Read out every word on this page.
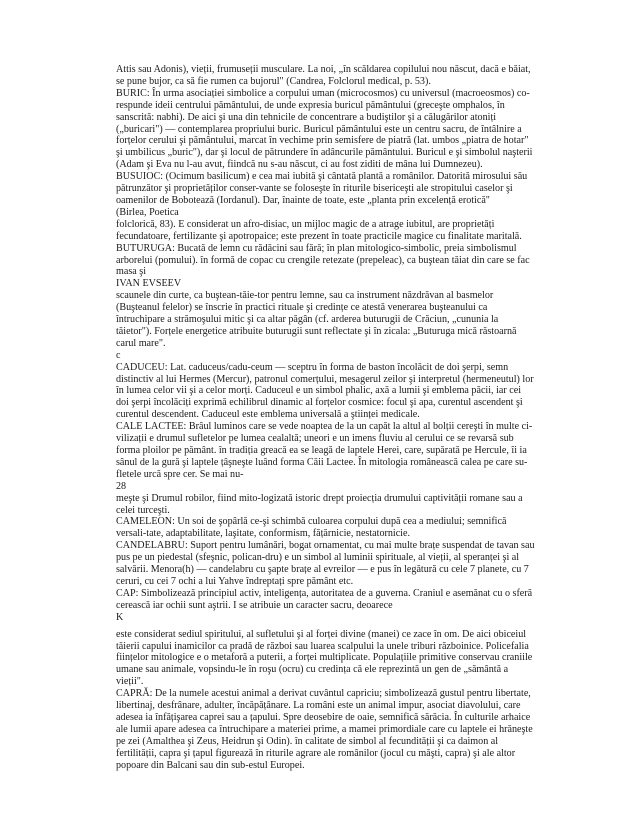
Attis sau Adonis), vieții, frumuseții musculare. La noi, „în scăldarea copilului nou născut, dacă e băiat,
se pune bujor, ca să fie rumen ca bujorul" (Candrea, Folclorul medical, p. 53).
BURIC: În urma asociației simbolice a corpului uman (microcosmos) cu universul (macroeosmos) co-
respunde ideii centrului pământului, de unde expresia buricul pământului (greceşte omphalos, în
sanscrită: nabhi). De aici şi una din tehnicile de concentrare a budiştilor şi a călugărilor atoniți
(„buricari") — contemplarea propriului buric. Buricul pământului este un centru sacru, de întâlnire a
forțelor cerului şi pământului, marcat în vechime prin semisfere de piatră (lat. umbos „piatra de hotar"
şi umbilicus „buric"), dar şi locul de pătrundere în adâncurile pământului. Buricul e şi simbolul naşterii
(Adam şi Eva nu l-au avut, fiindcă nu s-au născut, ci au fost ziditi de mâna lui Dumnezeu).
BUSUIOC: (Ocimum basilicum) e cea mai iubită şi cântată plantă a românilor. Datorită mirosului său
pătrunzător şi proprietăților conser-vante se foloseşte în riturile bisericeşti ale stropitului caselor şi
oamenilor de Bobotează (Iordanul). Dar, înainte de toate, este „planta prin excelență erotică"
(Birlea, Poetica
folclorică, 83). E considerat un afro-disiac, un mijloc magic de a atrage iubitul, are proprietăți
fecundatoare, fertilizante şi apotropaice; este prezent în toate practicile magice cu finalitate maritală.
BUTURUGA: Bucată de lemn cu rădăcini sau fără; în plan mitologico-simbolic, preia simbolismul
arborelui (pomului). în formă de copac cu crengile retezate (prepeleac), ca buştean tăiat din care se fac
masa şi
IVAN EVSEEV
scaunele din curte, ca buştean-tăie-tor pentru lemne, sau ca instrument năzdrăvan al basmelor
(Buşteanul felelor) se înscrie în practici rituale şi credințe ce atestă venerarea buşteanului ca
întruchipare a strămoşului mitic şi ca altar păgân (cf. arderea buturugii de Crăciun, „cununia la
tăietor"). Forțele energetice atribuite buturugii sunt reflectate şi în zicala: „Buturuga mică răstoarnă
carul mare".
c
CADUCEU: Lat. caduceus/cadu-ceum — sceptru în forma de baston încolăcit de doi şerpi, semn
distinctiv al lui Hermes (Mercur), patronul comerțului, mesagerul zeilor şi interpretul (hermeneutul) lor
în lumea celor vii şi a celor morți. Caduceul e un simbol phalic, axă a lumii şi emblema păcii, iar cei
doi şerpi încolăciți exprimă echilibrul dinamic al forțelor cosmice: focul şi apa, curentul ascendent şi
curentul descendent. Caduceul este emblema universală a ştiinței medicale.
CALE LACTEE: Brâul luminos care se vede noaptea de la un capăt la altul al bolții cereşti în multe ci-
vilizații e drumul sufletelor pe lumea cealaltă; uneori e un imens fluviu al cerului ce se revarsă sub
forma ploilor pe pământ. în tradiția greacă ea se leagă de laptele Herei, care, supărată pe Hercule, îi ia
sânul de la gură şi laptele țâşneşte luând forma Căii Lactee. În mitologia românească calea pe care su-
fletele urcă spre cer. Se mai nu-
28
meşte şi Drumul robilor, fiind mito-logizată istoric drept proiecția drumului captivității romane sau a
celei turceşti.
CAMELEON: Un soi de şopârlă ce-şi schimbă culoarea corpului după cea a mediului; semnifică
versali-tate, adaptabilitate, laşitate, conformism, fățărnicie, nestatornicie.
CANDELABRU: Suport pentru lumânări, bogat ornamentat, cu mai multe brațe suspendat de tavan sau
pus pe un piedestal (sfeşnic, polican-dru) e un simbol al luminii spirituale, al vieții, al speranței şi al
salvării. Menora(h) — candelabru cu şapte brațe al evreilor — e pus în legătură cu cele 7 planete, cu 7
ceruri, cu cei 7 ochi a lui Yahve îndreptați spre pământ etc.
CAP: Simbolizează principiul activ, inteligența, autoritatea de a guverna. Craniul e asemănat cu o sferă
cerească iar ochii sunt aştrii. I se atribuie un caracter sacru, deoarece
K
este considerat sediul spiritului, al sufletului şi al forței divine (manei) ce zace în om. De aici obiceiul
tăierii capului inamicilor ca pradă de război sau luarea scalpului la unele triburi războinice. Policefalia
ființelor mitologice e o metaforă a puterii, a forței multiplicate. Populațiile primitive conservau craniile
umane sau animale, vopsindu-le în roşu (ocru) cu credința că ele reprezintă un gen de „sământă a
vieții".
CAPRĂ: De la numele acestui animal a derivat cuvântul capriciu; simbolizează gustul pentru libertate,
libertinaj, desfrânare, adulter, încăpățânare. La români este un animal impur, asociat diavolului, care
adesea ia înfățişarea caprei sau a țapului. Spre deosebire de oaie, semnifică sărăcia. În culturile arhaice
ale lumii apare adesea ca întruchipare a materiei prime, a mamei primordiale care cu laptele ei hrăneşte
pe zei (Amalthea şi Zeus, Heidrun şi Odin). în calitate de simbol al fecundității şi ca daimon al
fertilității, capra şi țapul figurează în riturile agrare ale românilor (jocul cu măşti, capra) şi ale altor
popoare din Balcani sau din sub-estul Europei.
